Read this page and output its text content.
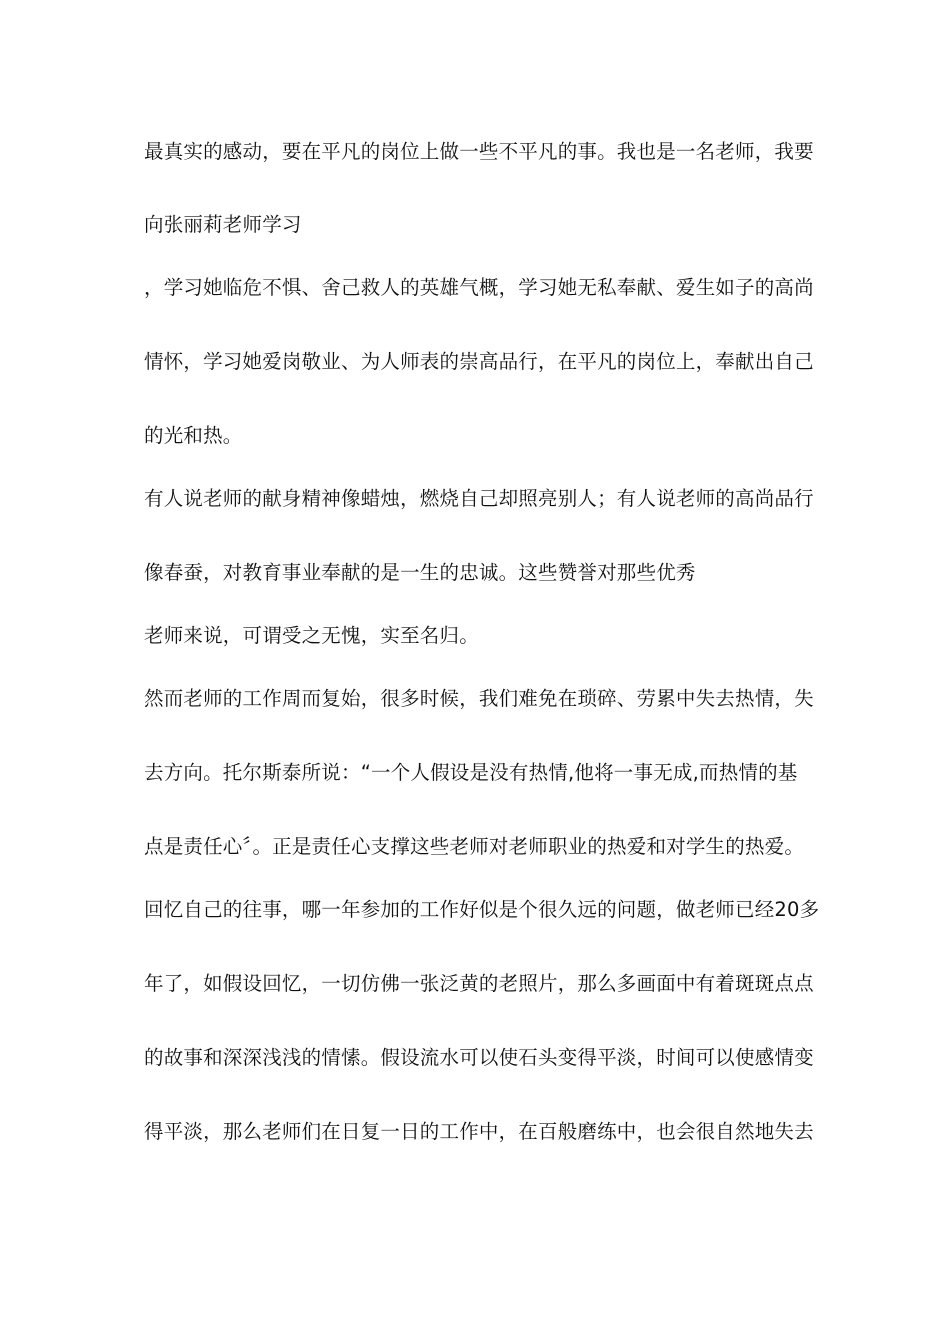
最真实的感动，要在平凡的岗位上做一些不平凡的事。我也是一名老师，我要
向张丽莉老师学习
，学习她临危不惧、舍己救人的英雄气概，学习她无私奉献、爱生如子的高尚
情怀，学习她爱岗敬业、为人师表的崇高品行，在平凡的岗位上，奉献出自己
的光和热。
有人说老师的献身精神像蜡烛，燃烧自己却照亮别人；有人说老师的高尚品行
像春蚕，对教育事业奉献的是一生的忠诚。这些赞誉对那些优秀
老师来说，可谓受之无愧，实至名归。
然而老师的工作周而复始，很多时候，我们难免在琐碎、劳累中失去热情，失
去方向。托尔斯泰所说：“一个人假设是没有热情,他将一事无成,而热情的基
点是责任心〞。正是责任心支撑这些老师对老师职业的热爱和对学生的热爱。
回忆自己的往事，哪一年参加的工作好似是个很久远的问题，做老师已经20多
年了，如假设回忆，一切仿佛一张泛黄的老照片，那么多画面中有着斑斑点点
的故事和深深浅浅的情愫。假设流水可以使石头变得平淡，时间可以使感情变
得平淡，那么老师们在日复一日的工作中，在百般磨练中，也会很自然地失去
